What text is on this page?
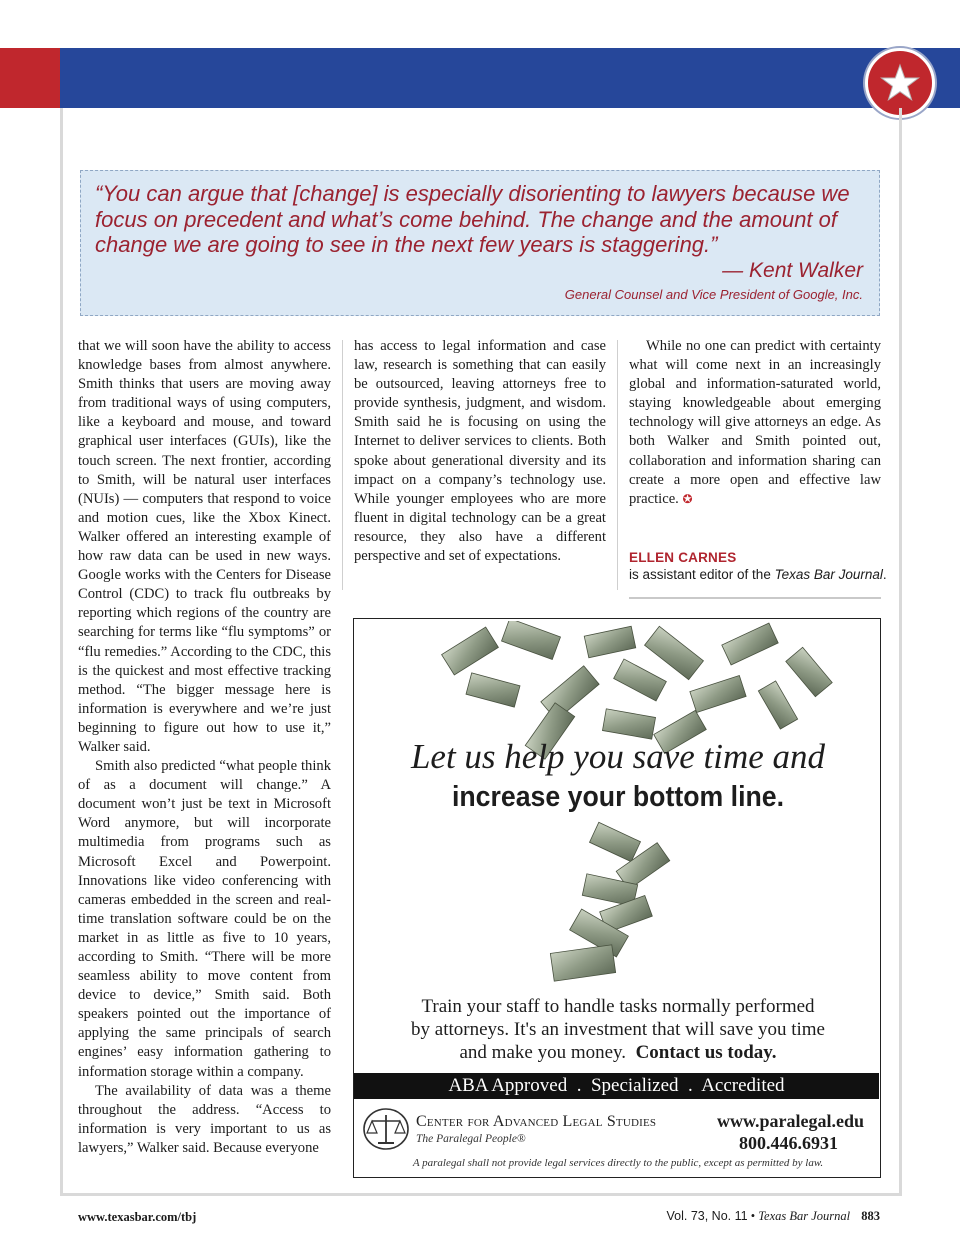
“You can argue that [change] is especially disorienting to lawyers because we focus on precedent and what’s come behind. The change and the amount of change we are going to see in the next few years is staggering.”
— Kent Walker
General Counsel and Vice President of Google, Inc.

that we will soon have the ability to access knowledge bases from almost anywhere. Smith thinks that users are moving away from traditional ways of using computers, like a keyboard and mouse, and toward graphical user interfaces (GUIs), like the touch screen. The next frontier, according to Smith, will be natural user interfaces (NUIs) — computers that respond to voice and motion cues, like the Xbox Kinect. Walker offered an interesting example of how raw data can be used in new ways. Google works with the Centers for Disease Control (CDC) to track flu outbreaks by reporting which regions of the country are searching for terms like “flu symptoms” or “flu remedies.” According to the CDC, this is the quickest and most effective tracking method. “The bigger message here is information is everywhere and we’re just beginning to figure out how to use it,” Walker said.

Smith also predicted “what people think of as a document will change.” A document won’t just be text in Microsoft Word anymore, but will incorporate multimedia from programs such as Microsoft Excel and Powerpoint. Innovations like video conferencing with cameras embedded in the screen and real-time translation software could be on the market in as little as five to 10 years, according to Smith. “There will be more seamless ability to move content from device to device,” Smith said. Both speakers pointed out the importance of applying the same principals of search engines’ easy information gathering to information storage within a company.

The availability of data was a theme throughout the address. “Access to information is very important to us as lawyers,” Walker said. Because everyone

has access to legal information and case law, research is something that can easily be outsourced, leaving attorneys free to provide synthesis, judgment, and wisdom. Smith said he is focusing on using the Internet to deliver services to clients. Both spoke about generational diversity and its impact on a company’s technology use. While younger employees who are more fluent in digital technology can be a great resource, they also have a different perspective and set of expectations.

While no one can predict with certainty what will come next in an increasingly global and information-saturated world, staying knowledgeable about emerging technology will give attorneys an edge. As both Walker and Smith pointed out, collaboration and information sharing can create a more open and effective law practice. ✪

ELLEN CARNES
is assistant editor of the Texas Bar Journal.
Let us help you save time and
increase your bottom line.
Train your staff to handle tasks normally performed
by attorneys. It's an investment that will save you time
and make you money. Contact us today.
ABA Approved  .  Specialized  .  Accredited
Center for Advanced Legal Studies
The Paralegal People®
www.paralegal.edu
800.446.6931
A paralegal shall not provide legal services directly to the public, except as permitted by law.
www.texasbar.com/tbj	Vol. 73, No. 11 • Texas Bar Journal 883
